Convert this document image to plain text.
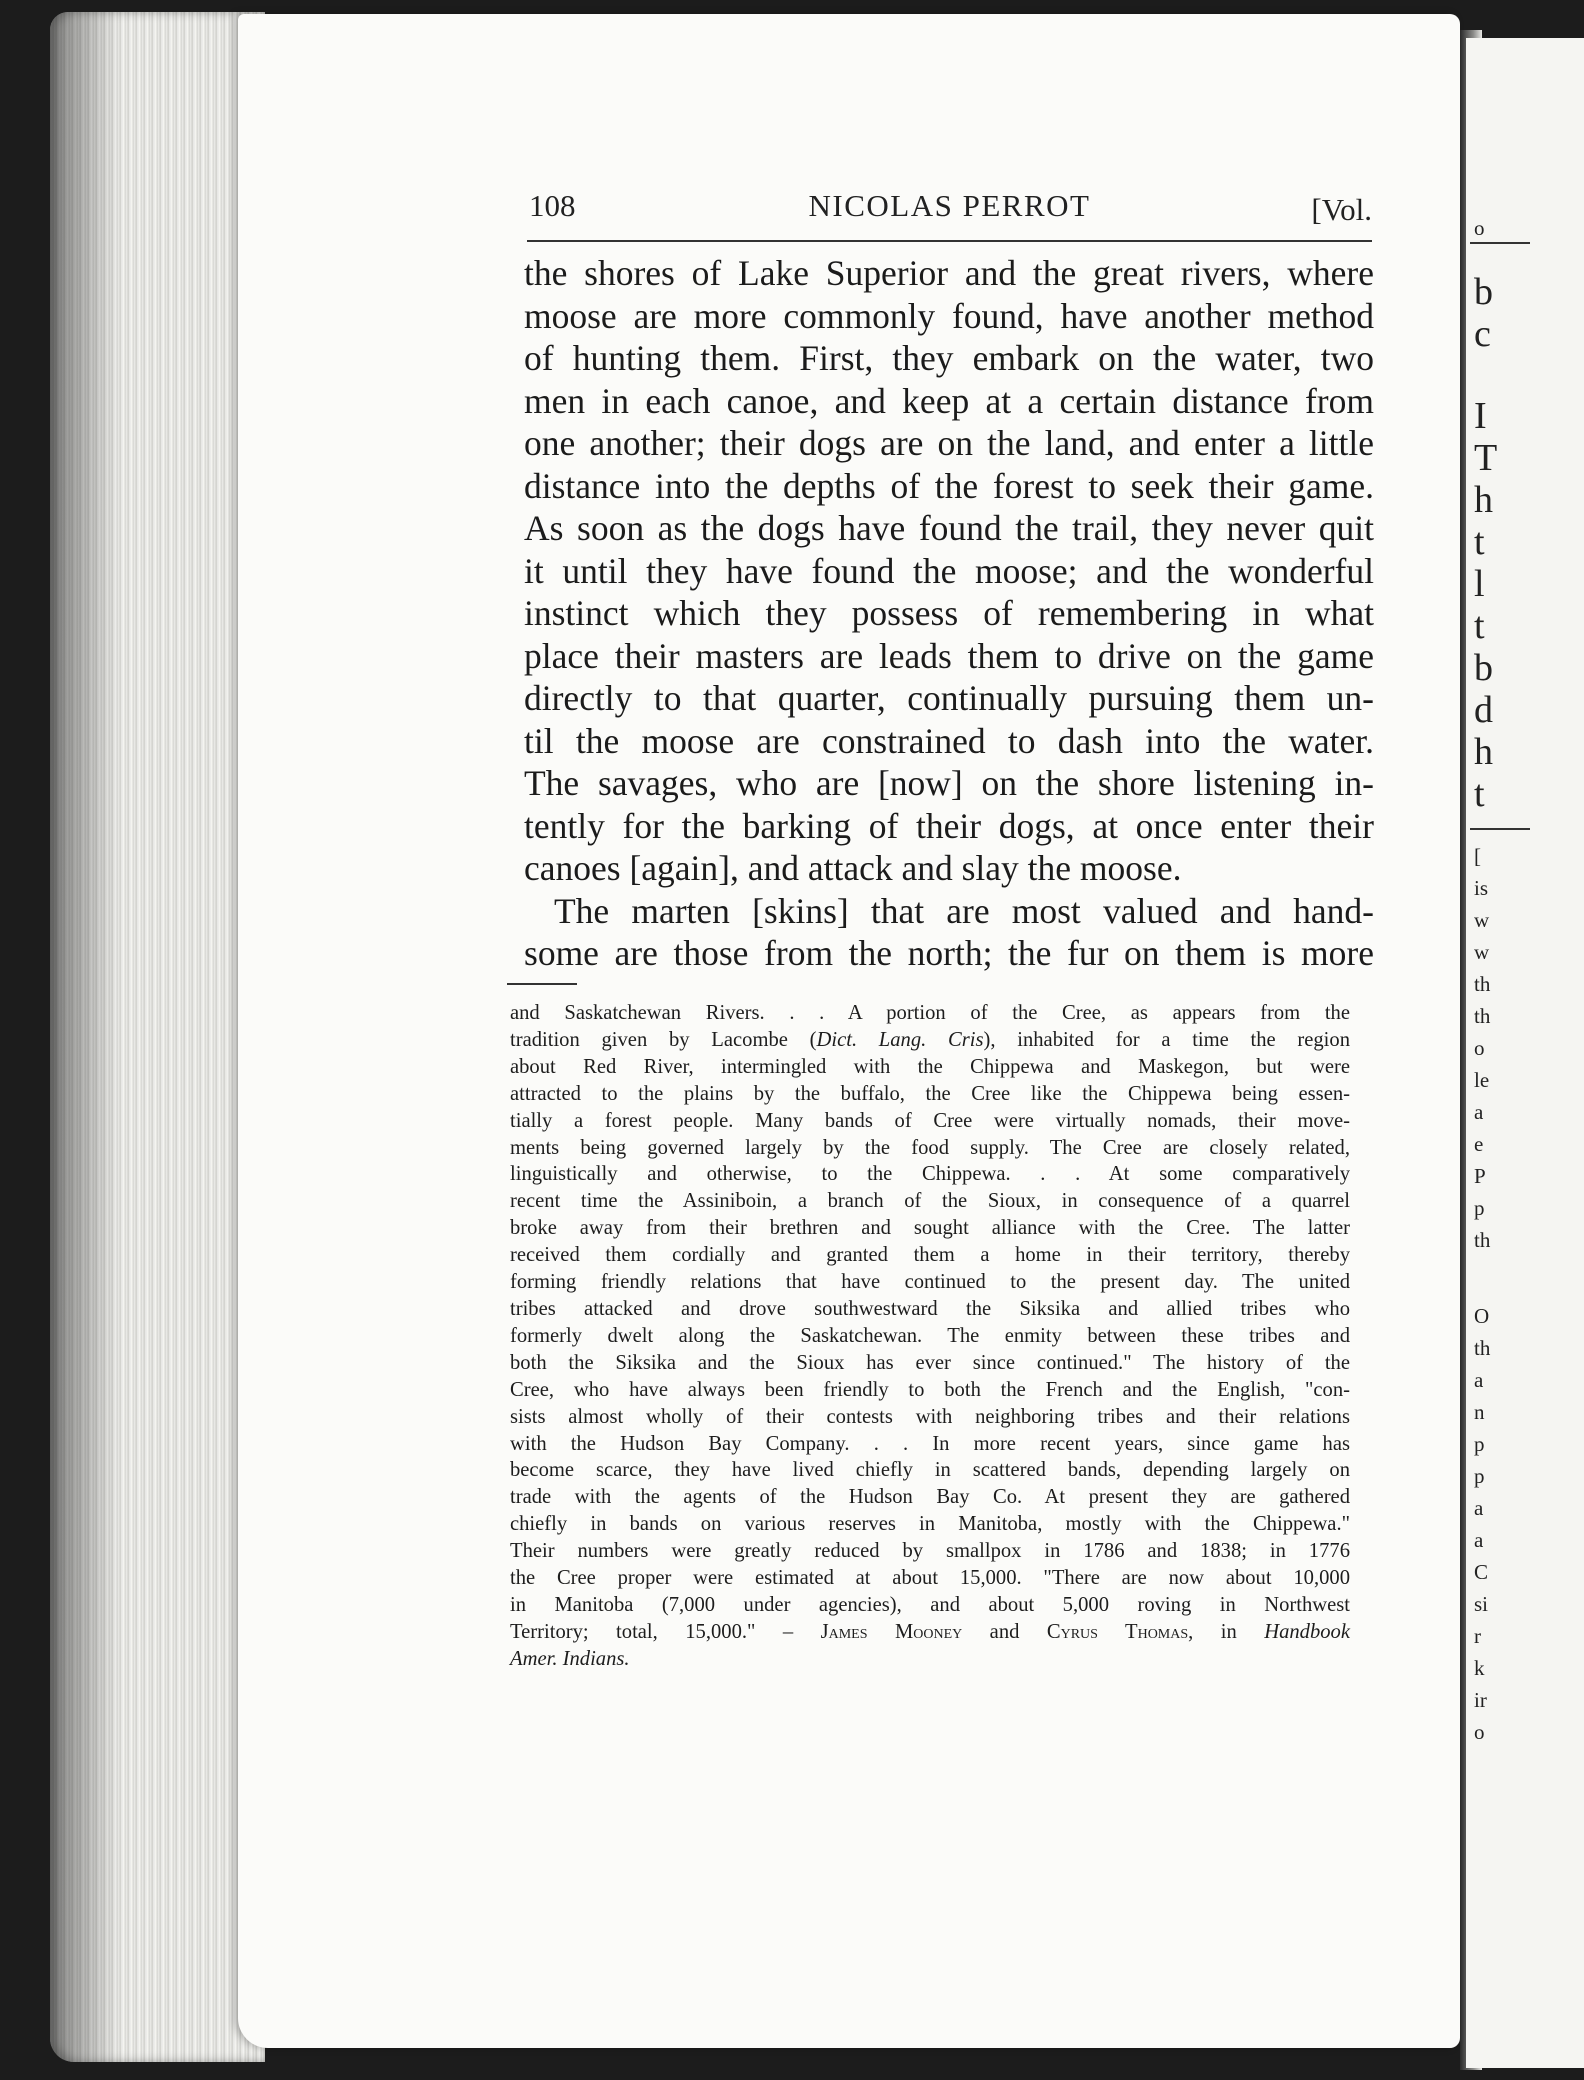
o
b
c
I
T
h
t
l
t
b
d
h
t
[
is
w
w
th
th
o
le
a
e
P
p
th
O
th
a
n
p
p
a
a
C
si
r
k
ir
o
108	NICOLAS PERROT	[Vol.
the shores of Lake Superior and the great rivers, where
moose are more commonly found, have another method
of hunting them. First, they embark on the water, two
men in each canoe, and keep at a certain distance from
one another; their dogs are on the land, and enter a little
distance into the depths of the forest to seek their game.
As soon as the dogs have found the trail, they never quit
it until they have found the moose; and the wonderful
instinct which they possess of remembering in what
place their masters are leads them to drive on the game
directly to that quarter, continually pursuing them un-
til the moose are constrained to dash into the water.
The savages, who are [now] on the shore listening in-
tently for the barking of their dogs, at once enter their
canoes [again], and attack and slay the moose.
The marten [skins] that are most valued and hand-
some are those from the north; the fur on them is more
and Saskatchewan Rivers. . . A portion of the Cree, as appears from the
tradition given by Lacombe (Dict. Lang. Cris), inhabited for a time the region
about Red River, intermingled with the Chippewa and Maskegon, but were
attracted to the plains by the buffalo, the Cree like the Chippewa being essen-
tially a forest people. Many bands of Cree were virtually nomads, their move-
ments being governed largely by the food supply. The Cree are closely related,
linguistically and otherwise, to the Chippewa. . . At some comparatively
recent time the Assiniboin, a branch of the Sioux, in consequence of a quarrel
broke away from their brethren and sought alliance with the Cree. The latter
received them cordially and granted them a home in their territory, thereby
forming friendly relations that have continued to the present day. The united
tribes attacked and drove southwestward the Siksika and allied tribes who
formerly dwelt along the Saskatchewan. The enmity between these tribes and
both the Siksika and the Sioux has ever since continued." The history of the
Cree, who have always been friendly to both the French and the English, "con-
sists almost wholly of their contests with neighboring tribes and their relations
with the Hudson Bay Company. . . In more recent years, since game has
become scarce, they have lived chiefly in scattered bands, depending largely on
trade with the agents of the Hudson Bay Co. At present they are gathered
chiefly in bands on various reserves in Manitoba, mostly with the Chippewa."
Their numbers were greatly reduced by smallpox in 1786 and 1838; in 1776
the Cree proper were estimated at about 15,000. "There are now about 10,000
in Manitoba (7,000 under agencies), and about 5,000 roving in Northwest
Territory; total, 15,000." – James Mooney and Cyrus Thomas, in Handbook
Amer. Indians.
